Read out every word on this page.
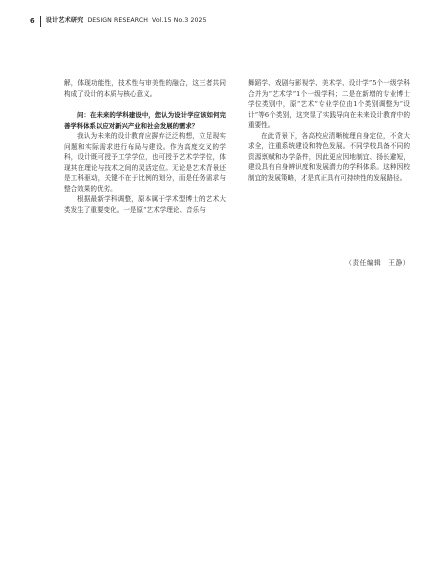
6 设计艺术研究 DESIGN RESEARCH Vol.15 No.3 2025

解，体现功能性，技术性与审美性的融合，这三者共同构成了设计的本质与核心意义。

问：在未来的学科建设中，您认为设计学应该如何完善学科体系以应对新兴产业和社会发展的需求？

我认为未来的设计教育应摒弃泛泛构想，立足现实问题和实际需求进行布局与建设。作为高度交叉的学科，设计既可授予工学学位，也可授予艺术学学位，体现其在理论与技术之间的灵活定位。无论是艺术背景还是工科驱动，关键不在于比例的划分，而是任务需求与整合效果的优劣。

根据最新学科调整，原本属于学术型博士的艺术大类发生了重要变化。一是原“艺术学理论、音乐与

舞蹈学、戏剧与影视学、美术学、设计学”5个一级学科合并为“艺术学”1个一级学科；二是在新增的专业博士学位类别中，原“艺术”专业学位由1个类别调整为“设计”等6个类别，这突显了实践导向在未来设计教育中的重要性。

在此背景下，各高校应清晰梳理自身定位，不贪大求全，注重系统建设和特色发展。不同学校具备不同的资源禀赋和办学条件，因此更应因地制宜、扬长避短，建设具有自身辨识度和发展潜力的学科体系。这种因校制宜的发展策略，才是真正具有可持续性的发展路径。

（责任编辑　王静）
